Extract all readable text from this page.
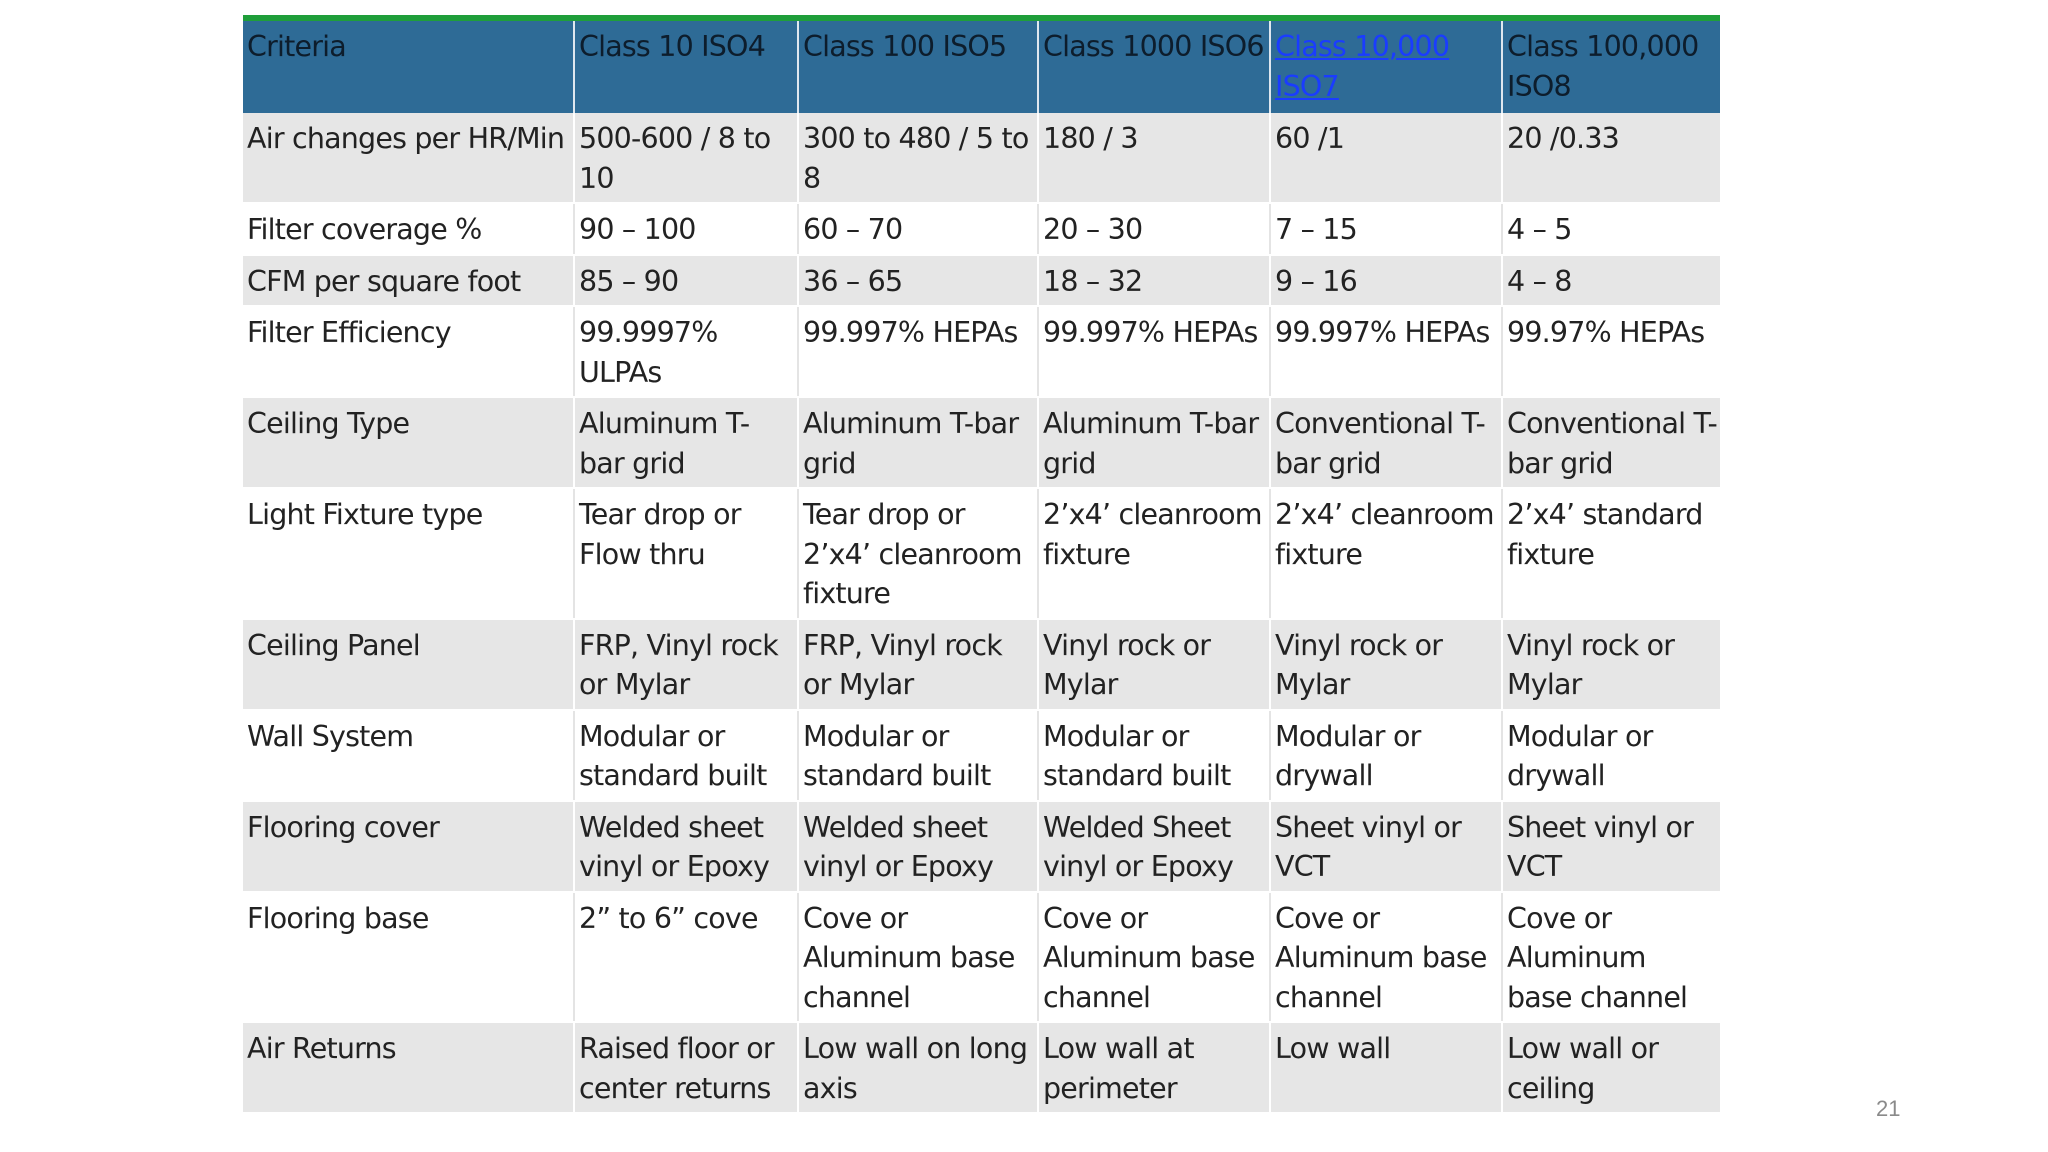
Criteria	Class 10 ISO4	Class 100 ISO5	Class 1000 ISO6	Class 10,000 ISO7	Class 100,000 ISO8
Air changes per HR/Min	500-600 / 8 to 10	300 to 480 / 5 to 8	180 / 3	60 /1	20 /0.33
Filter coverage %	90 – 100	60 – 70	20 – 30	7 – 15	4 – 5
CFM per square foot	85 – 90	36 – 65	18 – 32	9 – 16	4 – 8
Filter Efficiency	99.9997% ULPAs	99.997% HEPAs	99.997% HEPAs	99.997% HEPAs	99.97% HEPAs
Ceiling Type	Aluminum T-bar grid	Aluminum T-bar grid	Aluminum T-bar grid	Conventional T-bar grid	Conventional T-bar grid
Light Fixture type	Tear drop or Flow thru	Tear drop or 2’x4’ cleanroom fixture	2’x4’ cleanroom fixture	2’x4’ cleanroom fixture	2’x4’ standard fixture
Ceiling Panel	FRP, Vinyl rock or Mylar	FRP, Vinyl rock or Mylar	Vinyl rock or Mylar	Vinyl rock or Mylar	Vinyl rock or Mylar
Wall System	Modular or standard built	Modular or standard built	Modular or standard built	Modular or drywall	Modular or drywall
Flooring cover	Welded sheet vinyl or Epoxy	Welded sheet vinyl or Epoxy	Welded Sheet vinyl or Epoxy	Sheet vinyl or VCT	Sheet vinyl or VCT
Flooring base	2” to 6” cove	Cove or Aluminum base channel	Cove or Aluminum base channel	Cove or Aluminum base channel	Cove or Aluminum base channel
Air Returns	Raised floor or center returns	Low wall on long axis	Low wall at perimeter	Low wall	Low wall or ceiling
21
